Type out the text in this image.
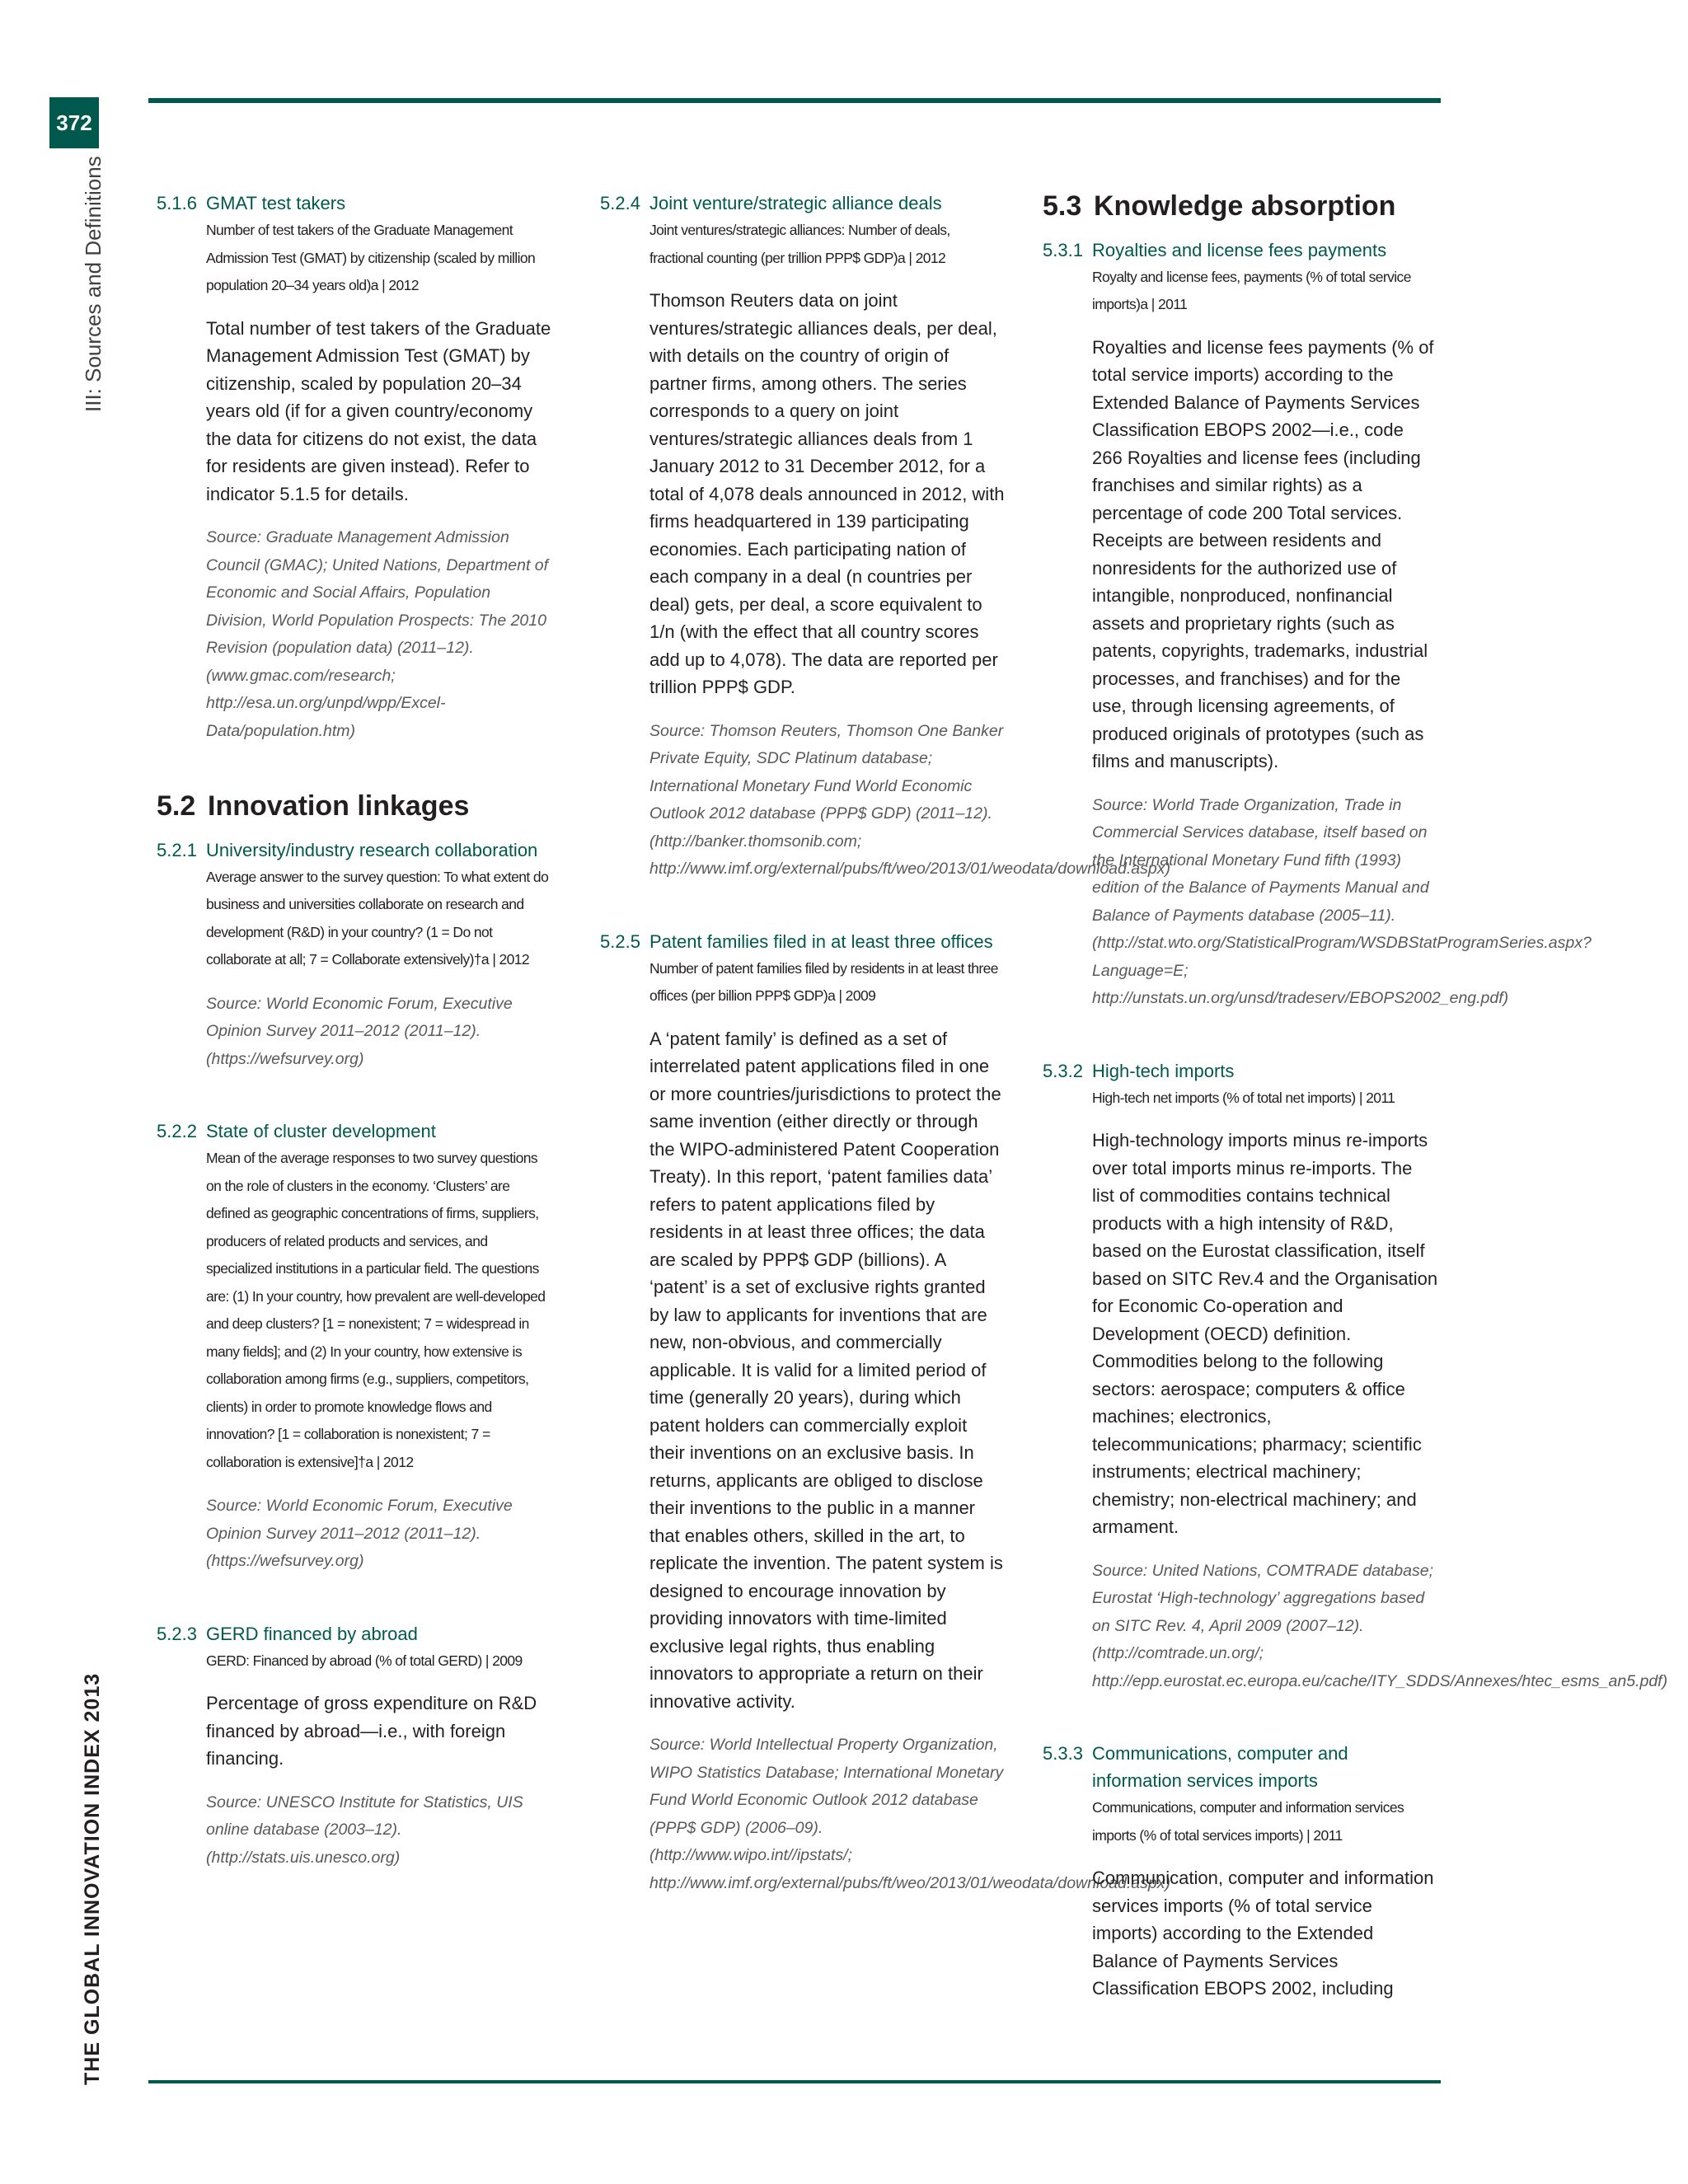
372
III: Sources and Definitions
THE GLOBAL INNOVATION INDEX 2013
5.1.6 GMAT test takers
Number of test takers of the Graduate Management Admission Test (GMAT) by citizenship (scaled by million population 20–34 years old)a | 2012
Total number of test takers of the Graduate Management Admission Test (GMAT) by citizenship, scaled by population 20–34 years old (if for a given country/economy the data for citizens do not exist, the data for residents are given instead). Refer to indicator 5.1.5 for details.
Source: Graduate Management Admission Council (GMAC); United Nations, Department of Economic and Social Affairs, Population Division, World Population Prospects: The 2010 Revision (population data) (2011–12). (www.gmac.com/research; http://esa.un.org/unpd/wpp/Excel-Data/population.htm)
5.2 Innovation linkages
5.2.1 University/industry research collaboration
Average answer to the survey question: To what extent do business and universities collaborate on research and development (R&D) in your country? (1 = Do not collaborate at all; 7 = Collaborate extensively)†a | 2012
Source: World Economic Forum, Executive Opinion Survey 2011–2012 (2011–12). (https://wefsurvey.org)
5.2.2 State of cluster development
Mean of the average responses to two survey questions on the role of clusters in the economy. ‘Clusters’ are defined as geographic concentrations of firms, suppliers, producers of related products and services, and specialized institutions in a particular field. The questions are: (1) In your country, how prevalent are well-developed and deep clusters? [1 = nonexistent; 7 = widespread in many fields]; and (2) In your country, how extensive is collaboration among firms (e.g., suppliers, competitors, clients) in order to promote knowledge flows and innovation? [1 = collaboration is nonexistent; 7 = collaboration is extensive]†a | 2012
Source: World Economic Forum, Executive Opinion Survey 2011–2012 (2011–12). (https://wefsurvey.org)
5.2.3 GERD financed by abroad
GERD: Financed by abroad (% of total GERD) | 2009
Percentage of gross expenditure on R&D financed by abroad—i.e., with foreign financing.
Source: UNESCO Institute for Statistics, UIS online database (2003–12). (http://stats.uis.unesco.org)
5.2.4 Joint venture/strategic alliance deals
Joint ventures/strategic alliances: Number of deals, fractional counting (per trillion PPP$ GDP)a | 2012
Thomson Reuters data on joint ventures/strategic alliances deals, per deal, with details on the country of origin of partner firms, among others. The series corresponds to a query on joint ventures/strategic alliances deals from 1 January 2012 to 31 December 2012, for a total of 4,078 deals announced in 2012, with firms headquartered in 139 participating economies. Each participating nation of each company in a deal (n countries per deal) gets, per deal, a score equivalent to 1/n (with the effect that all country scores add up to 4,078). The data are reported per trillion PPP$ GDP.
Source: Thomson Reuters, Thomson One Banker Private Equity, SDC Platinum database; International Monetary Fund World Economic Outlook 2012 database (PPP$ GDP) (2011–12). (http://banker.thomsonib.com; http://www.imf.org/external/pubs/ft/weo/2013/01/weodata/download.aspx)
5.2.5 Patent families filed in at least three offices
Number of patent families filed by residents in at least three offices (per billion PPP$ GDP)a | 2009
A ‘patent family’ is defined as a set of interrelated patent applications filed in one or more countries/jurisdictions to protect the same invention (either directly or through the WIPO-administered Patent Cooperation Treaty). In this report, ‘patent families data’ refers to patent applications filed by residents in at least three offices; the data are scaled by PPP$ GDP (billions). A ‘patent’ is a set of exclusive rights granted by law to applicants for inventions that are new, non-obvious, and commercially applicable. It is valid for a limited period of time (generally 20 years), during which patent holders can commercially exploit their inventions on an exclusive basis. In returns, applicants are obliged to disclose their inventions to the public in a manner that enables others, skilled in the art, to replicate the invention. The patent system is designed to encourage innovation by providing innovators with time-limited exclusive legal rights, thus enabling innovators to appropriate a return on their innovative activity.
Source: World Intellectual Property Organization, WIPO Statistics Database; International Monetary Fund World Economic Outlook 2012 database (PPP$ GDP) (2006–09). (http://www.wipo.int//ipstats/; http://www.imf.org/external/pubs/ft/weo/2013/01/weodata/download.aspx)
5.3 Knowledge absorption
5.3.1 Royalties and license fees payments
Royalty and license fees, payments (% of total service imports)a | 2011
Royalties and license fees payments (% of total service imports) according to the Extended Balance of Payments Services Classification EBOPS 2002—i.e., code 266 Royalties and license fees (including franchises and similar rights) as a percentage of code 200 Total services. Receipts are between residents and nonresidents for the authorized use of intangible, nonproduced, nonfinancial assets and proprietary rights (such as patents, copyrights, trademarks, industrial processes, and franchises) and for the use, through licensing agreements, of produced originals of prototypes (such as films and manuscripts).
Source: World Trade Organization, Trade in Commercial Services database, itself based on the International Monetary Fund fifth (1993) edition of the Balance of Payments Manual and Balance of Payments database (2005–11). (http://stat.wto.org/StatisticalProgram/WSDBStatProgramSeries.aspx?Language=E; http://unstats.un.org/unsd/tradeserv/EBOPS2002_eng.pdf)
5.3.2 High-tech imports
High-tech net imports (% of total net imports) | 2011
High-technology imports minus re-imports over total imports minus re-imports. The list of commodities contains technical products with a high intensity of R&D, based on the Eurostat classification, itself based on SITC Rev.4 and the Organisation for Economic Co-operation and Development (OECD) definition. Commodities belong to the following sectors: aerospace; computers & office machines; electronics, telecommunications; pharmacy; scientific instruments; electrical machinery; chemistry; non-electrical machinery; and armament.
Source: United Nations, COMTRADE database; Eurostat ‘High-technology’ aggregations based on SITC Rev. 4, April 2009 (2007–12). (http://comtrade.un.org/; http://epp.eurostat.ec.europa.eu/cache/ITY_SDDS/Annexes/htec_esms_an5.pdf)
5.3.3 Communications, computer and information services imports
Communications, computer and information services imports (% of total services imports) | 2011
Communication, computer and information services imports (% of total service imports) according to the Extended Balance of Payments Services Classification EBOPS 2002, including
